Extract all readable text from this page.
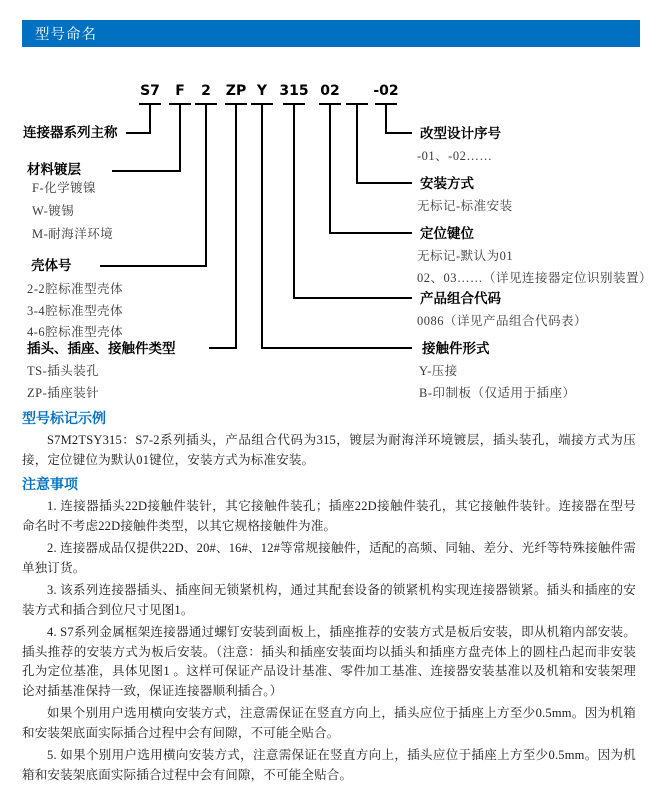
型号命名
S7 F 2 ZP Y 315 02 -02
连接器系列主称
材料镀层
F-化学镀镍
W-镀锡
M-耐海洋环境
壳体号
2-2腔标准型壳体
3-4腔标准型壳体
4-6腔标准型壳体
插头、插座、接触件类型
TS-插头装孔
ZP-插座装针
改型设计序号
-01、-02……
安装方式
无标记-标准安装
定位键位
无标记-默认为01
02、03……（详见连接器定位识别装置）
产品组合代码
0086（详见产品组合代码表）
接触件形式
Y-压接
B-印制板（仅适用于插座）
型号标记示例

S7M2TSY315：S7-2系列插头，产品组合代码为315，镀层为耐海洋环境镀层，插头装孔，端接方式为压接，定位键位为默认01键位，安装方式为标准安装。

注意事项

1. 连接器插头22D接触件装针，其它接触件装孔；插座22D接触件装孔，其它接触件装针。连接器在型号命名时不考虑22D接触件类型，以其它规格接触件为准。

2. 连接器成品仅提供22D、20#、16#、12#等常规接触件，适配的高频、同轴、差分、光纤等特殊接触件需单独订货。

3. 该系列连接器插头、插座间无锁紧机构，通过其配套设备的锁紧机构实现连接器锁紧。插头和插座的安装方式和插合到位尺寸见图1。

4. S7系列金属框架连接器通过螺钉安装到面板上，插座推荐的安装方式是板后安装，即从机箱内部安装。插头推荐的安装方式为板后安装。（注意：插头和插座安装面均以插头和插座方盘壳体上的圆柱凸起而非安装孔为定位基准，具体见图1 。这样可保证产品设计基准、零件加工基准、连接器安装基准以及机箱和安装架理论对插基准保持一致，保证连接器顺利插合。）

如果个别用户选用横向安装方式，注意需保证在竖直方向上，插头应位于插座上方至少0.5mm。因为机箱和安装架底面实际插合过程中会有间隙，不可能全贴合。

5. 如果个别用户选用横向安装方式，注意需保证在竖直方向上，插头应位于插座上方至少0.5mm。因为机箱和安装架底面实际插合过程中会有间隙，不可能全贴合。
